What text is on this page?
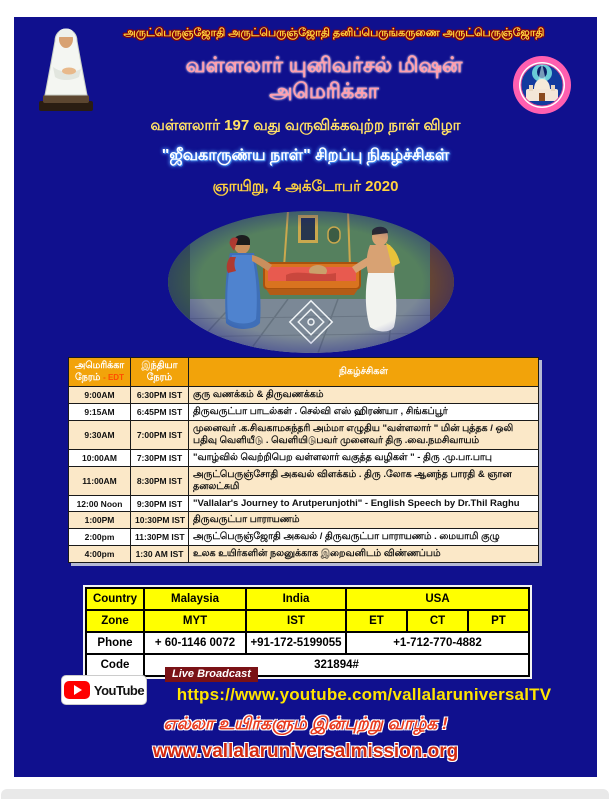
அருட்பெருஞ்ஜோதி அருட்பெருஞ்ஜோதி தனிப்பெருங்கருணை அருட்பெருஞ்ஜோதி
வள்ளலார் யுனிவர்சல் மிஷன்
அமெரிக்கா
வள்ளலார் 197 வது வருவிக்கவுற்ற நாள் விழா
"ஜீவகாருண்ய நாள்" சிறப்பு நிகழ்ச்சிகள்
ஞாயிறு, 4 அக்டோபர் 2020
அமெரிக்கா நேரம் - EDT	இந்தியா நேரம்	நிகழ்ச்சிகள்
9:00AM	6:30PM IST	குரு வணக்கம் & திருவணக்கம்
9:15AM	6:45PM IST	திருவருட்பா பாடல்கள் . செல்வி எஸ் ஹிரண்யா , சிங்கப்பூர்
9:30AM	7:00PM IST	முனைவர் .க.சிவகாமசுந்தரி அம்மா எழுதிய "வள்ளலார் " மின் புத்தக / ஒலி பதிவு வெளியீடு . வெளியிடுபவர் முனைவர் திரு .வை.நமசிவாயம்
10:00AM	7:30PM IST	"வாழ்வில் வெற்றிபெற வள்ளலார் வகுத்த வழிகள் " - திரு .மு.பா.பாபு
11:00AM	8:30PM IST	அருட்பெருஞ்சோதி அகவல் விளக்கம் . திரு .லோக ஆனந்த பாரதி & ஞான தனலட்சுமி
12:00 Noon	9:30PM IST	"Vallalar's Journey to Arutperunjothi" - English Speech by Dr.Thil Raghu
1:00PM	10:30PM IST	திருவருட்பா பாராயணம்
2:00pm	11:30PM IST	அருட்பெருஞ்ஜோதி அகவல் / திருவருட்பா பாராயணம் . மையாமி குழு
4:00pm	1:30 AM IST	உலக உயிர்களின் நலனுக்காக இறைவனிடம் விண்ணப்பம்
Country	Malaysia	India	USA		
Zone	MYT	IST	ET	CT	PT
Phone	+ 60-1146 0072	+91-172-5199055	+1-712-770-4882		
Code	321894#				
YouTube
Live Broadcast
https://www.youtube.com/vallalaruniversalTV
எல்லா உயிர்களும் இன்புற்று வாழ்க !
www.vallalaruniversalmission.org
